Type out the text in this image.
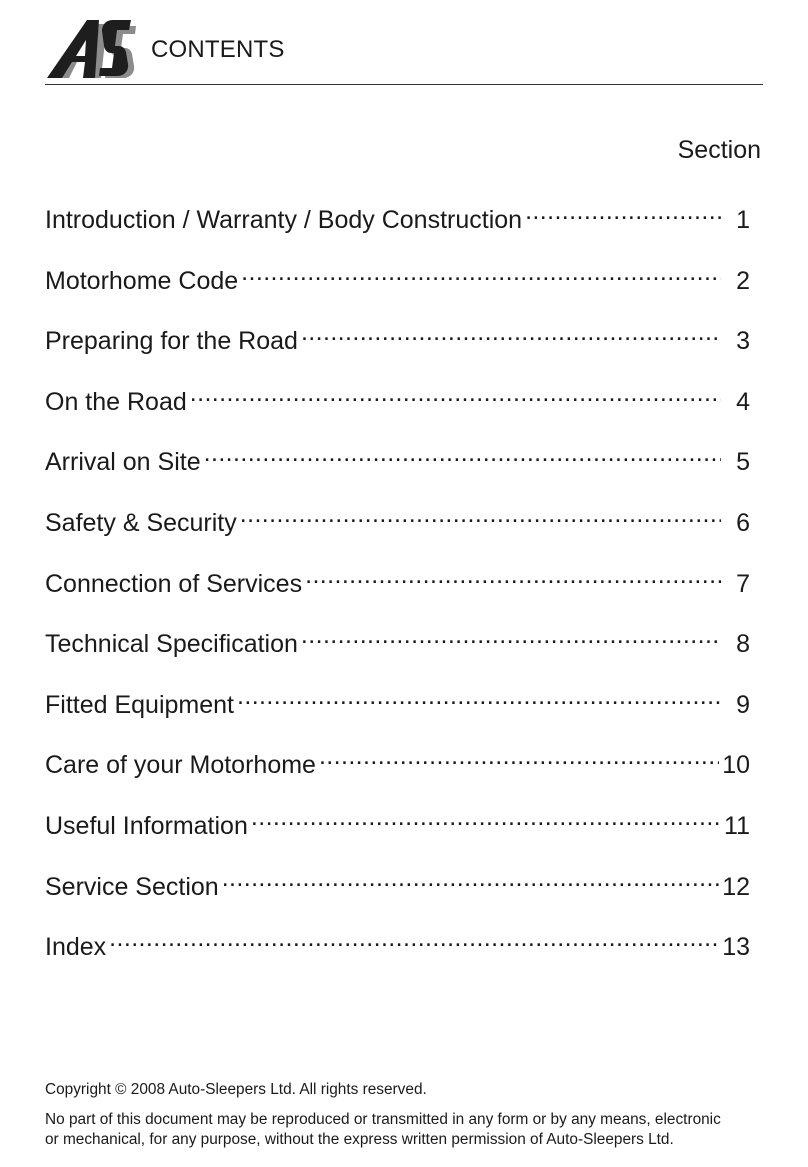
CONTENTS
Section
Introduction / Warranty / Body Construction .....	1
Motorhome Code .....	2
Preparing for the Road .....	3
On the Road .....	4
Arrival on Site .....	5
Safety & Security .....	6
Connection of Services .....	7
Technical Specification .....	8
Fitted Equipment .....	9
Care of your Motorhome .....	10
Useful Information .....	11
Service Section .....	12
Index .....	13

Copyright © 2008 Auto-Sleepers Ltd. All rights reserved.

No part of this document may be reproduced or transmitted in any form or by any means, electronic

or mechanical, for any purpose, without the express written permission of Auto-Sleepers Ltd.
